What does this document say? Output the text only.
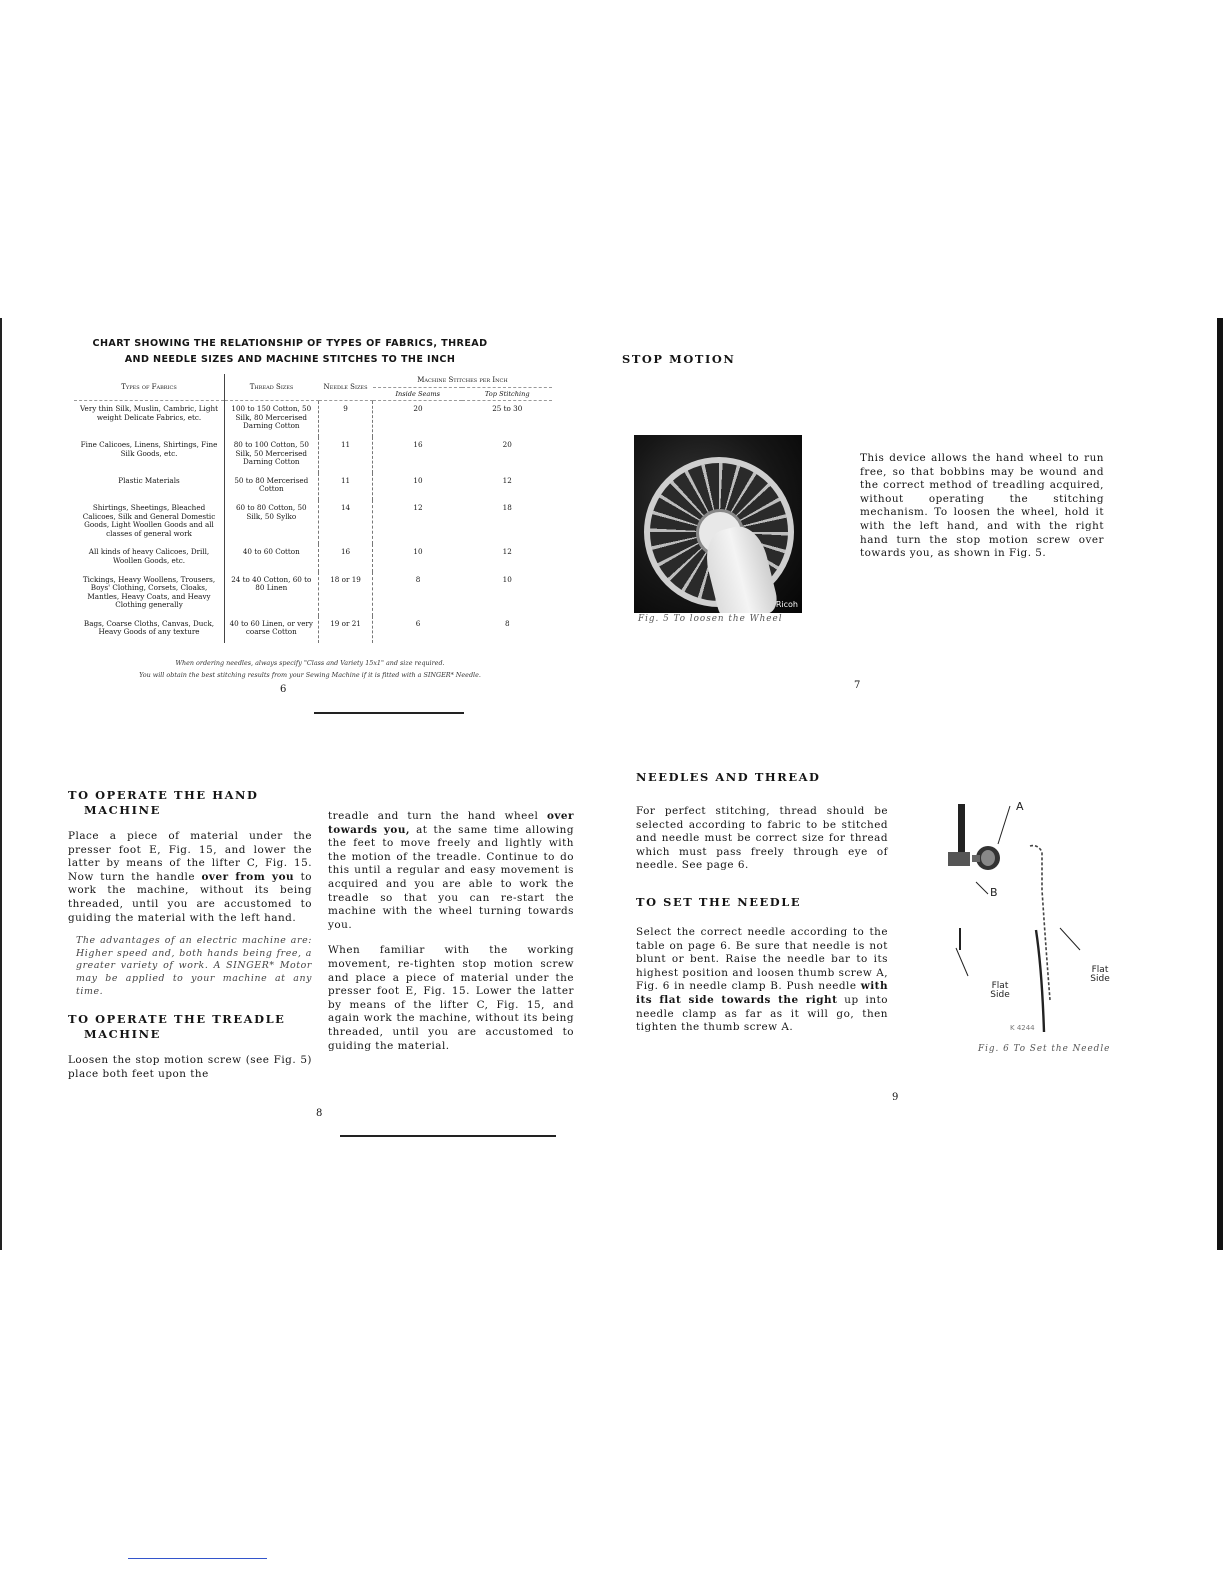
CHART SHOWING THE RELATIONSHIP OF TYPES OF FABRICS, THREAD
AND NEEDLE SIZES AND MACHINE STITCHES TO THE INCH
Types of Fabrics	Thread Sizes	Needle Sizes	Machine Stitches per Inch	
			Inside Seams	Top Stitching
Very thin Silk, Muslin, Cambric, Light weight Delicate Fabrics, etc.	100 to 150 Cotton, 50 Silk, 80 Mercerised Darning Cotton	9	20	25 to 30
Fine Calicoes, Linens, Shirtings, Fine Silk Goods, etc.	80 to 100 Cotton, 50 Silk, 50 Mercerised Darning Cotton	11	16	20
Plastic Materials	50 to 80 Mercerised Cotton	11	10	12
Shirtings, Sheetings, Bleached Calicoes, Silk and General Domestic Goods, Light Woollen Goods and all classes of general work	60 to 80 Cotton, 50 Silk, 50 Sylko	14	12	18
All kinds of heavy Calicoes, Drill, Woollen Goods, etc.	40 to 60 Cotton	16	10	12
Tickings, Heavy Woollens, Trousers, Boys' Clothing, Corsets, Cloaks, Mantles, Heavy Coats, and Heavy Clothing generally	24 to 40 Cotton, 60 to 80 Linen	18 or 19	8	10
Bags, Coarse Cloths, Canvas, Duck, Heavy Goods of any texture	40 to 60 Linen, or very coarse Cotton	19 or 21	6	8
When ordering needles, always specify "Class and Variety 15x1" and size required.
You will obtain the best stitching results from your Sewing Machine if it is fitted with a SINGER* Needle.
6
STOP MOTION
Ricoh
Fig. 5 To loosen the Wheel

This device allows the hand wheel to run free, so that bobbins may be wound and the correct method of treadling acquired, without operating the stitching mechanism. To loosen the wheel, hold it with the left hand, and with the right hand turn the stop motion screw over towards you, as shown in Fig. 5.

7
TO OPERATE THE HAND
MACHINE

Place a piece of material under the presser foot E, Fig. 15, and lower the latter by means of the lifter C, Fig. 15. Now turn the handle over from you to work the machine, without its being threaded, until you are accustomed to guiding the material with the left hand.

The advantages of an electric machine are: Higher speed and, both hands being free, a greater variety of work. A SINGER* Motor may be applied to your machine at any time.

TO OPERATE THE TREADLE
MACHINE

Loosen the stop motion screw (see Fig. 5) place both feet upon the

treadle and turn the hand wheel over towards you, at the same time allowing the feet to move freely and lightly with the motion of the treadle. Continue to do this until a regular and easy movement is acquired and you are able to work the treadle so that you can re-start the machine with the wheel turning towards you.

When familiar with the working movement, re-tighten stop motion screw and place a piece of material under the presser foot E, Fig. 15. Lower the latter by means of the lifter C, Fig. 15, and again work the machine, without its being threaded, until you are accustomed to guiding the material.

8
NEEDLES AND THREAD

For perfect stitching, thread should be selected according to fabric to be stitched and needle must be correct size for thread which must pass freely through eye of needle. See page 6.

TO SET THE NEEDLE

Select the correct needle according to the table on page 6. Be sure that needle is not blunt or bent. Raise the needle bar to its highest position and loosen thumb screw A, Fig. 6 in needle clamp B. Push needle with its flat side towards the right up into needle clamp as far as it will go, then tighten the thumb screw A.

A
B
Flat Side
Flat Side
K 4244
Fig. 6 To Set the Needle
9
